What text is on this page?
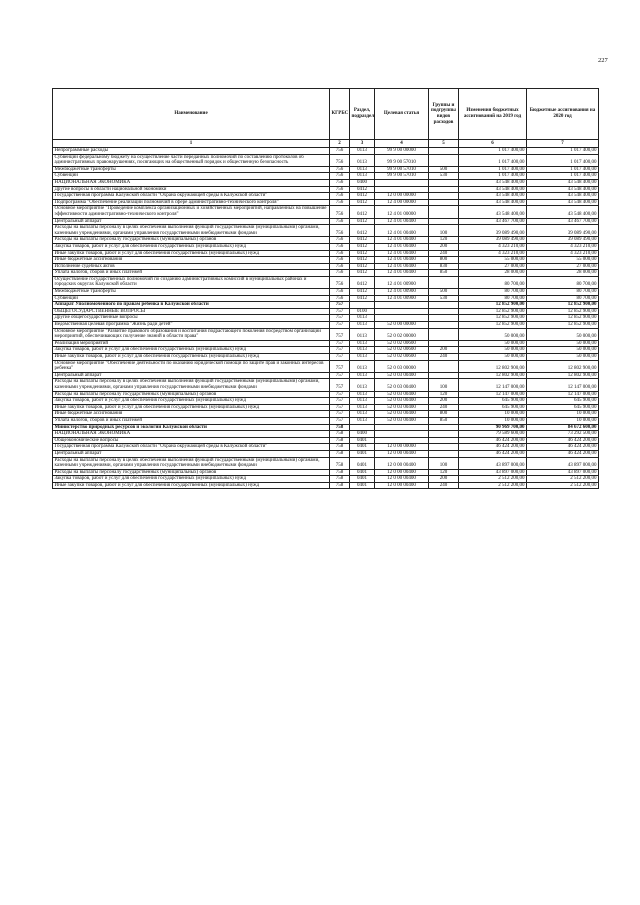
227
Наименование	КГРБС	Раздел, подраздел	Целевая статья	Группы и подгруппы видов расходов	Изменения бюджетных ассигнований на 2019 год	Бюджетные ассигнования на 2020 год
1	2	3	4	5	6	7
Непрограммные расходы	756	0113	99 9 00 00000		1 017 400,00	1 017 400,00
Субвенции федеральному бюджету на осуществление части переданных полномочий по составлению протоколов об административных правонарушениях, посягающих на общественный порядок и общественную безопасность	756	0113	99 9 00 57010		1 017 400,00	1 017 400,00
Межбюджетные трансферты	756	0113	99 9 00 57010	500	1 017 400,00	1 017 400,00
Субвенции	756	0113	99 9 00 57010	530	1 017 400,00	1 017 400,00
НАЦИОНАЛЬНАЯ ЭКОНОМИКА	756	0400			43 548 400,00	43 548 400,00
Другие вопросы в области национальной экономики	756	0412			43 548 400,00	43 548 400,00
Государственная программа Калужской области "Охрана окружающей среды в Калужской области"	756	0412	12 0 00 00000		43 548 400,00	43 548 400,00
Подпрограмма "Обеспечение реализации полномочий в сфере административно-технического контроля"	756	0412	12 4 00 00000		43 548 400,00	43 548 400,00
Основное мероприятие "Проведение комплекса организационных и хозяйственных мероприятий, направленных на повышение эффективности административно-технического контроля"	756	0412	12 4 01 00000		43 548 400,00	43 548 400,00
Центральный аппарат	756	0412	12 4 01 00400		43 467 700,00	43 467 700,00
Расходы на выплаты персоналу в целях обеспечения выполнения функций государственными (муниципальными) органами, казенными учреждениями, органами управления государственными внебюджетными фондами	756	0412	12 4 01 00400	100	39 089 490,00	39 089 490,00
Расходы на выплаты персоналу государственных (муниципальных) органов	756	0412	12 4 01 00400	120	39 089 490,00	39 089 490,00
Закупка товаров, работ и услуг для обеспечения государственных (муниципальных) нужд	756	0412	12 4 01 00400	200	4 323 210,00	4 323 210,00
Иные закупки товаров, работ и услуг для обеспечения государственных (муниципальных) нужд	756	0412	12 4 01 00400	240	4 323 210,00	4 323 210,00
Иные бюджетные ассигнования	756	0412	12 4 01 00400	800	55 000,00	55 000,00
Исполнение судебных актов	756	0412	12 4 01 00400	830	27 000,00	27 000,00
Уплата налогов, сборов и иных платежей	756	0412	12 4 01 00400	850	28 000,00	28 000,00
Осуществление государственных полномочий по созданию административных комиссий в муниципальных районах и городских округах Калужской области	756	0412	12 4 01 00900		80 700,00	80 700,00
Межбюджетные трансферты	756	0412	12 4 01 00900	500	80 700,00	80 700,00
Субвенции	756	0412	12 4 01 00900	530	80 700,00	80 700,00
Аппарат Уполномоченного по правам ребенка в Калужской области	757				12 852 900,00	12 852 900,00
ОБЩЕГОСУДАРСТВЕННЫЕ ВОПРОСЫ	757	0100			12 852 900,00	12 852 900,00
Другие общегосударственные вопросы	757	0113			12 852 900,00	12 852 900,00
Ведомственная целевая программа "Жизнь ради детей"	757	0113	52 0 00 00000		12 852 900,00	12 852 900,00
Основное мероприятие "Развитие правового образования и воспитания подрастающего поколения посредством организации мероприятий, обеспечивающих получение знаний в области права"	757	0113	52 0 02 00000		50 000,00	50 000,00
Реализация мероприятий	757	0113	52 0 02 00600		50 000,00	50 000,00
Закупка товаров, работ и услуг для обеспечения государственных (муниципальных) нужд	757	0113	52 0 02 00600	200	50 000,00	50 000,00
Иные закупки товаров, работ и услуг для обеспечения государственных (муниципальных) нужд	757	0113	52 0 02 00600	240	50 000,00	50 000,00
Основное мероприятие "Обеспечение деятельности по оказанию юридической помощи по защите прав и законных интересов ребенка"	757	0113	52 0 03 00000		12 802 900,00	12 802 900,00
Центральный аппарат	757	0113	52 0 03 00400		12 802 900,00	12 802 900,00
Расходы на выплаты персоналу в целях обеспечения выполнения функций государственными (муниципальными) органами, казенными учреждениями, органами управления государственными внебюджетными фондами	757	0113	52 0 03 00400	100	12 147 000,00	12 147 000,00
Расходы на выплаты персоналу государственных (муниципальных) органов	757	0113	52 0 03 00400	120	12 147 000,00	12 147 000,00
Закупка товаров, работ и услуг для обеспечения государственных (муниципальных) нужд	757	0113	52 0 03 00400	200	645 900,00	645 900,00
Иные закупки товаров, работ и услуг для обеспечения государственных (муниципальных) нужд	757	0113	52 0 03 00400	240	645 900,00	645 900,00
Иные бюджетные ассигнования	757	0113	52 0 03 00400	800	10 000,00	10 000,00
Уплата налогов, сборов и иных платежей	757	0113	52 0 03 00400	850	10 000,00	10 000,00
Министерство природных ресурсов и экологии Калужской области	758				90 969 700,00	84 672 600,00
НАЦИОНАЛЬНАЯ ЭКОНОМИКА	758	0400			79 589 600,00	73 292 500,00
Общеэкономические вопросы	758	0401			46 424 200,00	46 424 200,00
Государственная программа Калужской области "Охрана окружающей среды в Калужской области"	758	0401	12 0 00 00000		46 424 200,00	46 424 200,00
Центральный аппарат	758	0401	12 0 00 00400		46 424 200,00	46 424 200,00
Расходы на выплаты персоналу в целях обеспечения выполнения функций государственными (муниципальными) органами, казенными учреждениями, органами управления государственными внебюджетными фондами	758	0401	12 0 00 00400	100	43 897 000,00	43 897 000,00
Расходы на выплаты персоналу государственных (муниципальных) органов	758	0401	12 0 00 00400	120	43 897 000,00	43 897 000,00
Закупка товаров, работ и услуг для обеспечения государственных (муниципальных) нужд	758	0401	12 0 00 00400	200	2 512 200,00	2 512 200,00
Иные закупки товаров, работ и услуг для обеспечения государственных (муниципальных) нужд	758	0401	12 0 00 00400	240	2 512 200,00	2 512 200,00
